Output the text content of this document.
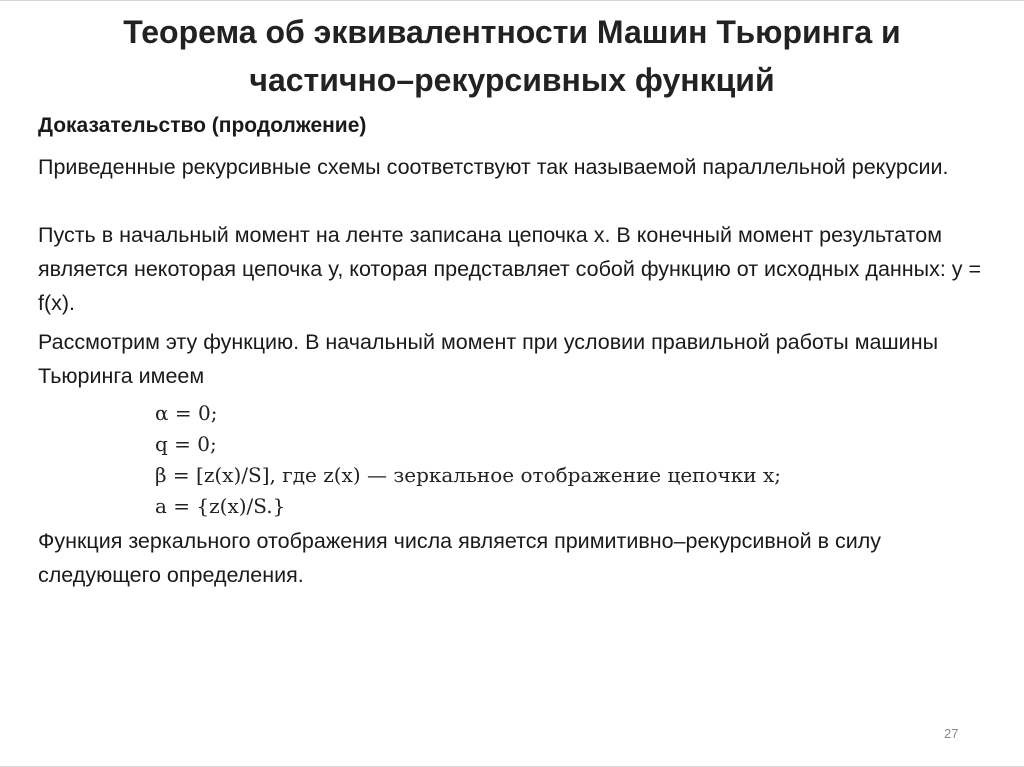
Теорема об эквивалентности Машин Тьюринга и частично–рекурсивных функций
Доказательство (продолжение)
Приведенные рекурсивные схемы соответствуют так называемой параллельной рекурсии.
Пусть в начальный момент на ленте записана цепочка x. В конечный момент результатом является некоторая цепочка y, которая представляет собой функцию от исходных данных: y = f(x).
Рассмотрим эту функцию. В начальный момент при условии правильной работы машины Тьюринга имеем
α = 0;
q = 0;
β = [z(x)/S], где z(x) — зеркальное отображение цепочки x;
a = {z(x)/S.}
Функция зеркального отображения числа является примитивно–рекурсивной в силу следующего определения.
27
